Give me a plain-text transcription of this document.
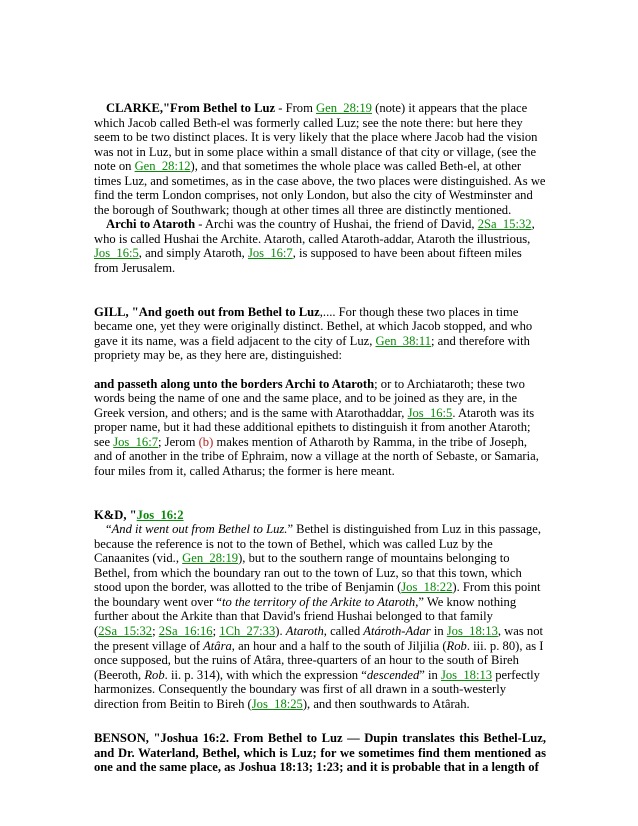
CLARKE,"From Bethel to Luz - From Gen_28:19 (note) it appears that the place which Jacob called Beth-el was formerly called Luz; see the note there: but here they seem to be two distinct places. It is very likely that the place where Jacob had the vision was not in Luz, but in some place within a small distance of that city or village, (see the note on Gen_28:12), and that sometimes the whole place was called Beth-el, at other times Luz, and sometimes, as in the case above, the two places were distinguished. As we find the term London comprises, not only London, but also the city of Westminster and the borough of Southwark; though at other times all three are distinctly mentioned.

Archi to Ataroth - Archi was the country of Hushai, the friend of David, 2Sa_15:32, who is called Hushai the Archite. Ataroth, called Ataroth-addar, Ataroth the illustrious, Jos_16:5, and simply Ataroth, Jos_16:7, is supposed to have been about fifteen miles from Jerusalem.

GILL, "And goeth out from Bethel to Luz,.... For though these two places in time became one, yet they were originally distinct. Bethel, at which Jacob stopped, and who gave it its name, was a field adjacent to the city of Luz, Gen_38:11; and therefore with propriety may be, as they here are, distinguished:

and passeth along unto the borders Archi to Ataroth; or to Archiataroth; these two words being the name of one and the same place, and to be joined as they are, in the Greek version, and others; and is the same with Atarothaddar, Jos_16:5. Ataroth was its proper name, but it had these additional epithets to distinguish it from another Ataroth; see Jos_16:7; Jerom (b) makes mention of Atharoth by Ramma, in the tribe of Joseph, and of another in the tribe of Ephraim, now a village at the north of Sebaste, or Samaria, four miles from it, called Atharus; the former is here meant.

K&D, "Jos_16:2

“And it went out from Bethel to Luz.” Bethel is distinguished from Luz in this passage, because the reference is not to the town of Bethel, which was called Luz by the Canaanites (vid., Gen_28:19), but to the southern range of mountains belonging to Bethel, from which the boundary ran out to the town of Luz, so that this town, which stood upon the border, was allotted to the tribe of Benjamin (Jos_18:22). From this point the boundary went over “to the territory of the Arkite to Ataroth,” We know nothing further about the Arkite than that David's friend Hushai belonged to that family (2Sa_15:32; 2Sa_16:16; 1Ch_27:33). Ataroth, called Atároth-Adar in Jos_18:13, was not the present village of Atâra, an hour and a half to the south of Jiljilia (Rob. iii. p. 80), as I once supposed, but the ruins of Atâra, three-quarters of an hour to the south of Bireh (Beeroth, Rob. ii. p. 314), with which the expression “descended” in Jos_18:13 perfectly harmonizes. Consequently the boundary was first of all drawn in a south-westerly direction from Beitin to Bireh (Jos_18:25), and then southwards to Atârah.

BENSON, "Joshua 16:2. From Bethel to Luz — Dupin translates this Bethel-Luz, and Dr. Waterland, Bethel, which is Luz; for we sometimes find them mentioned as one and the same place, as Joshua 18:13; 1:23; and it is probable that in a length of
